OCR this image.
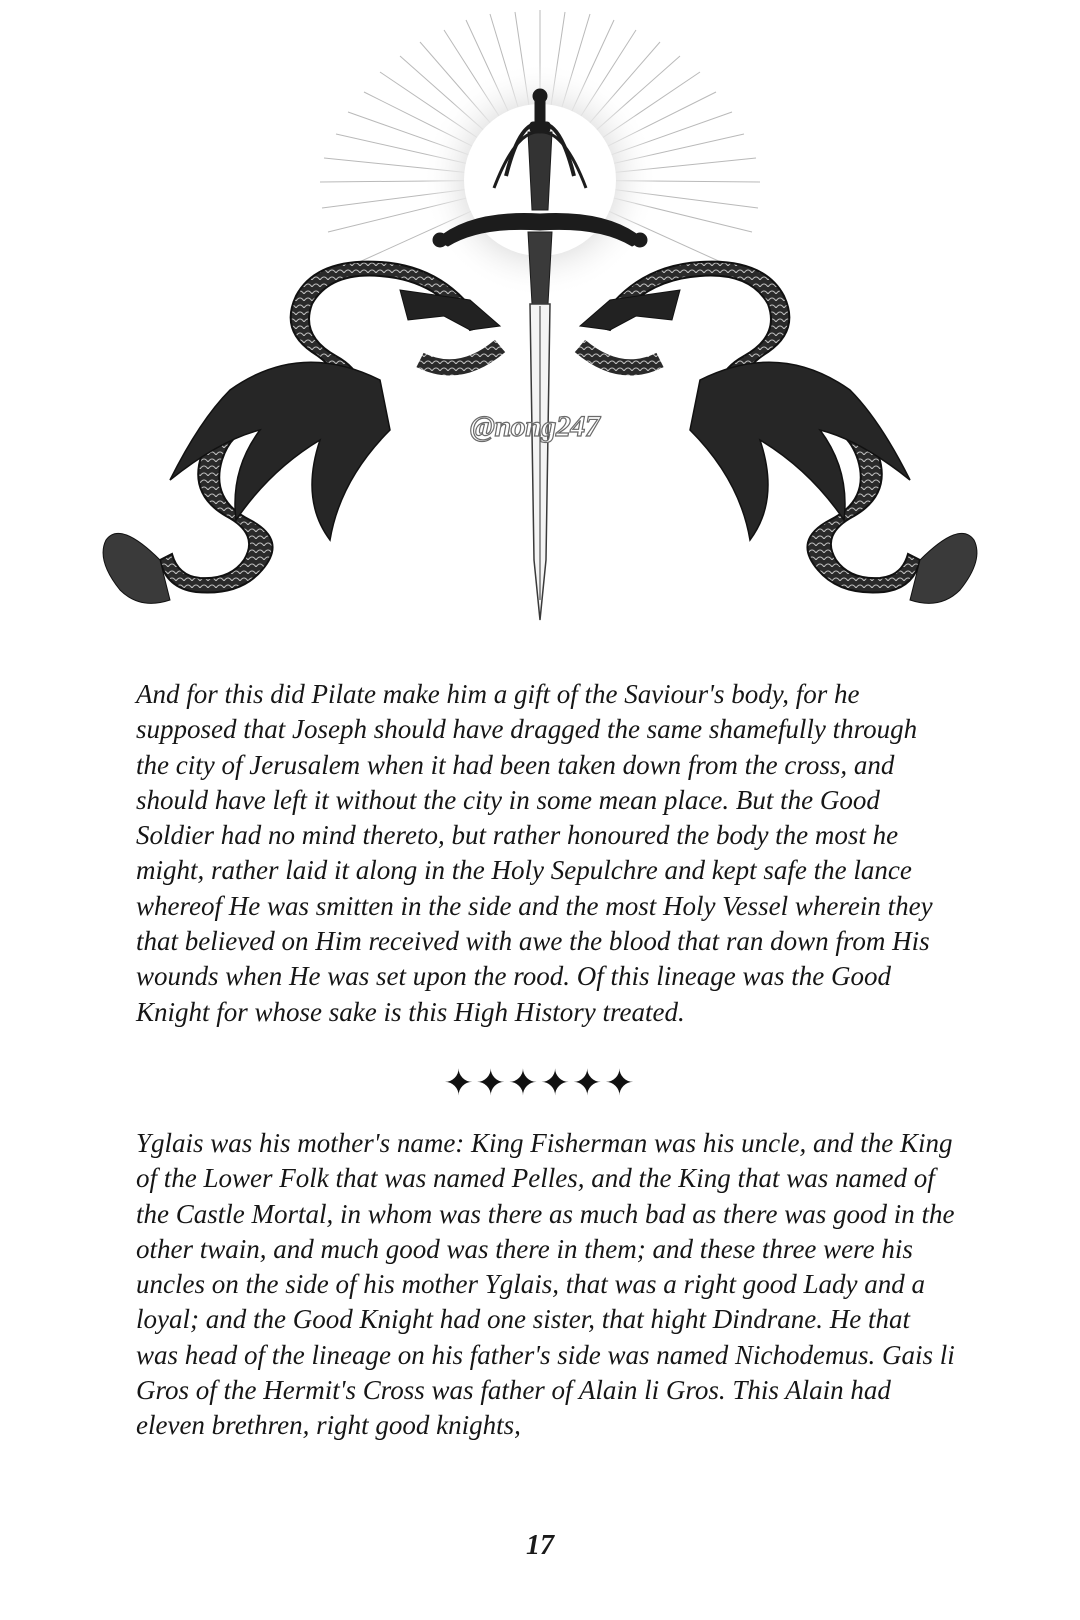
@nong247

And for this did Pilate make him a gift of the Saviour's body, for he supposed that Joseph should have dragged the same shamefully through the city of Jerusalem when it had been taken down from the cross, and should have left it without the city in some mean place. But the Good Soldier had no mind thereto, but rather honoured the body the most he might, rather laid it along in the Holy Sepulchre and kept safe the lance whereof He was smitten in the side and the most Holy Vessel wherein they that believed on Him received with awe the blood that ran down from His wounds when He was set upon the rood. Of this lineage was the Good Knight for whose sake is this High History treated.

✦✦✦✦✦✦

Yglais was his mother's name: King Fisherman was his uncle, and the King of the Lower Folk that was named Pelles, and the King that was named of the Castle Mortal, in whom was there as much bad as there was good in the other twain, and much good was there in them; and these three were his uncles on the side of his mother Yglais, that was a right good Lady and a loyal; and the Good Knight had one sister, that hight Dindrane. He that was head of the lineage on his father's side was named Nichodemus. Gais li Gros of the Hermit's Cross was father of Alain li Gros. This Alain had eleven brethren, right good knights,

17
